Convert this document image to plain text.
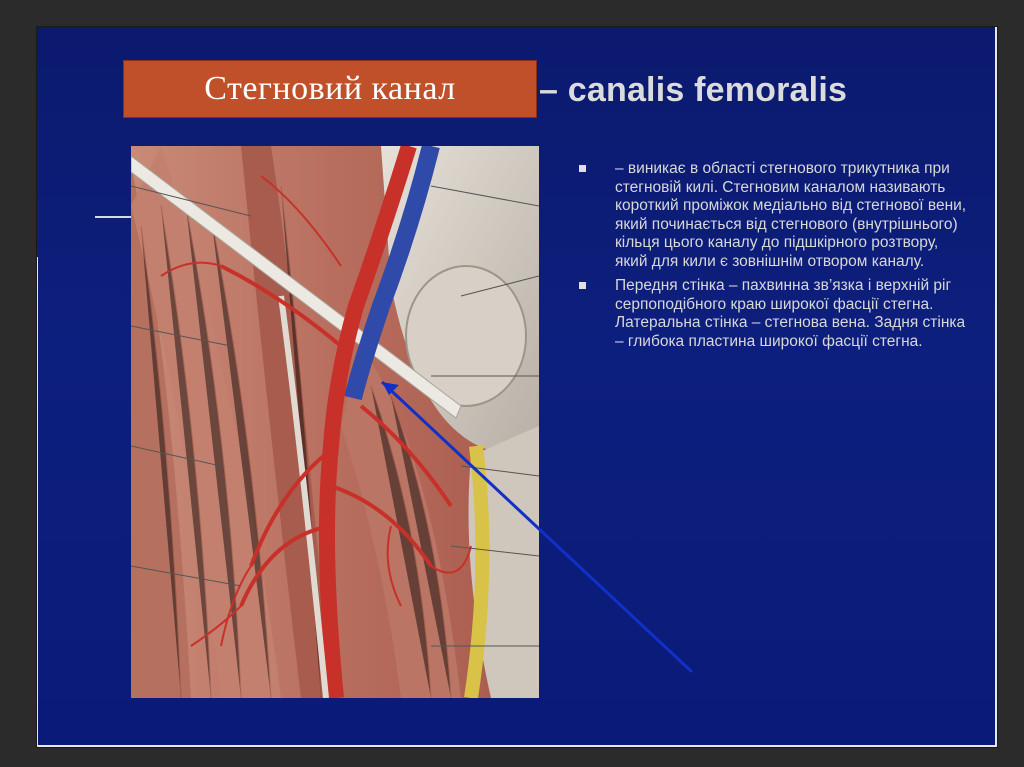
Стегновий канал	– canalis femoralis
– виникає в області стегнового трикутника при стегновій килі. Стегновим каналом називають короткий проміжок медіально від стегнової вени, який починається від стегнового (внутрішнього) кільця цього каналу до підшкірного розтвору, який для кили є зовнішнім отвором каналу.
Передня стінка – пахвинна зв’язка і верхній ріг серпоподібного краю широкої фасції стегна. Латеральна стінка – стегнова вена. Задня стінка – глибока пластина широкої фасції стегна.
